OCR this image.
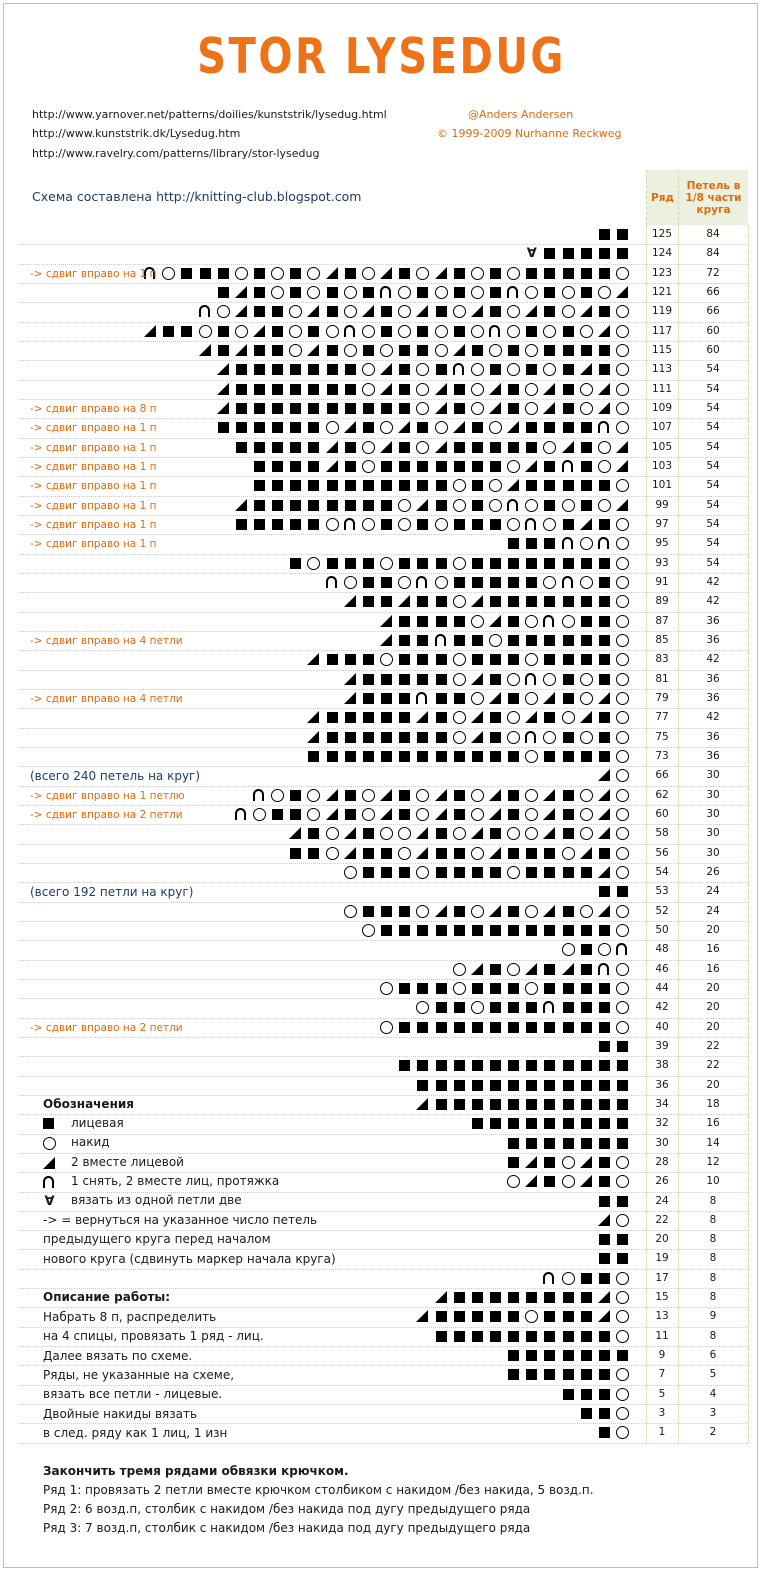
STOR LYSEDUG
http://www.yarnover.net/patterns/doilies/kunststrik/lysedug.html
http://www.kunststrik.dk/Lysedug.htm
http://www.ravelry.com/patterns/library/stor-lysedug
@Anders Andersen
© 1999-2009 Nurhanne Reckweg
Схема составлена http://knitting-club.blogspot.com	Ряд
Петель в 1/8 части круга
125	84
124	84
∀
123	72
-> сдвиг вправо на 1 п
121	66
119	66
117	60
115	60
113	54
111	54
109	54
-> сдвиг вправо на 8 п
107	54
-> сдвиг вправо на 1 п
105	54
-> сдвиг вправо на 1 п
103	54
-> сдвиг вправо на 1 п
101	54
-> сдвиг вправо на 1 п
99	54
-> сдвиг вправо на 1 п
97	54
-> сдвиг вправо на 1 п
95	54
-> сдвиг вправо на 1 п
93	54
91	42
89	42
87	36
85	36
-> сдвиг вправо на 4 петли
83	42
81	36
79	36
-> сдвиг вправо на 4 петли
77	42
75	36
73	36
66	30
(всего 240 петель на круг)
62	30
-> сдвиг вправо на 1 петлю
60	30
-> сдвиг вправо на 2 петли
58	30
56	30
54	26
53	24
(всего 192 петли на круг)
52	24
50	20
48	16
46	16
44	20
42	20
40	20
-> сдвиг вправо на 2 петли
39	22
38	22
36	20
34	18
32	16
30	14
28	12
26	10
24	8
22	8
20	8
19	8
17	8
15	8
13	9
11	8
9	6
7	5
5	4
3	3
1	2
Обозначения
лицевая
накид
2 вместе лицевой
1 снять, 2 вместе лиц, протяжка
∀ вязать из одной петли две
-> = вернуться на указанное число петель
предыдущего круга перед началом
нового круга (сдвинуть маркер начала круга)
Описание работы:
Набрать 8 п, распределить
на 4 спицы, провязать 1 ряд - лиц.
Далее вязать по схеме.
Ряды, не указанные на схеме,
вязать все петли - лицевые.
Двойные накиды вязать
в след. ряду как 1 лиц, 1 изн
Закончить тремя рядами обвязки крючком.
Ряд 1: провязать 2 петли вместе крючком столбиком с накидом /без накида, 5 возд.п.
Ряд 2: 6 возд.п, столбик с накидом /без накида под дугу предыдущего ряда
Ряд 3: 7 возд.п, столбик с накидом /без накида под дугу предыдущего ряда
